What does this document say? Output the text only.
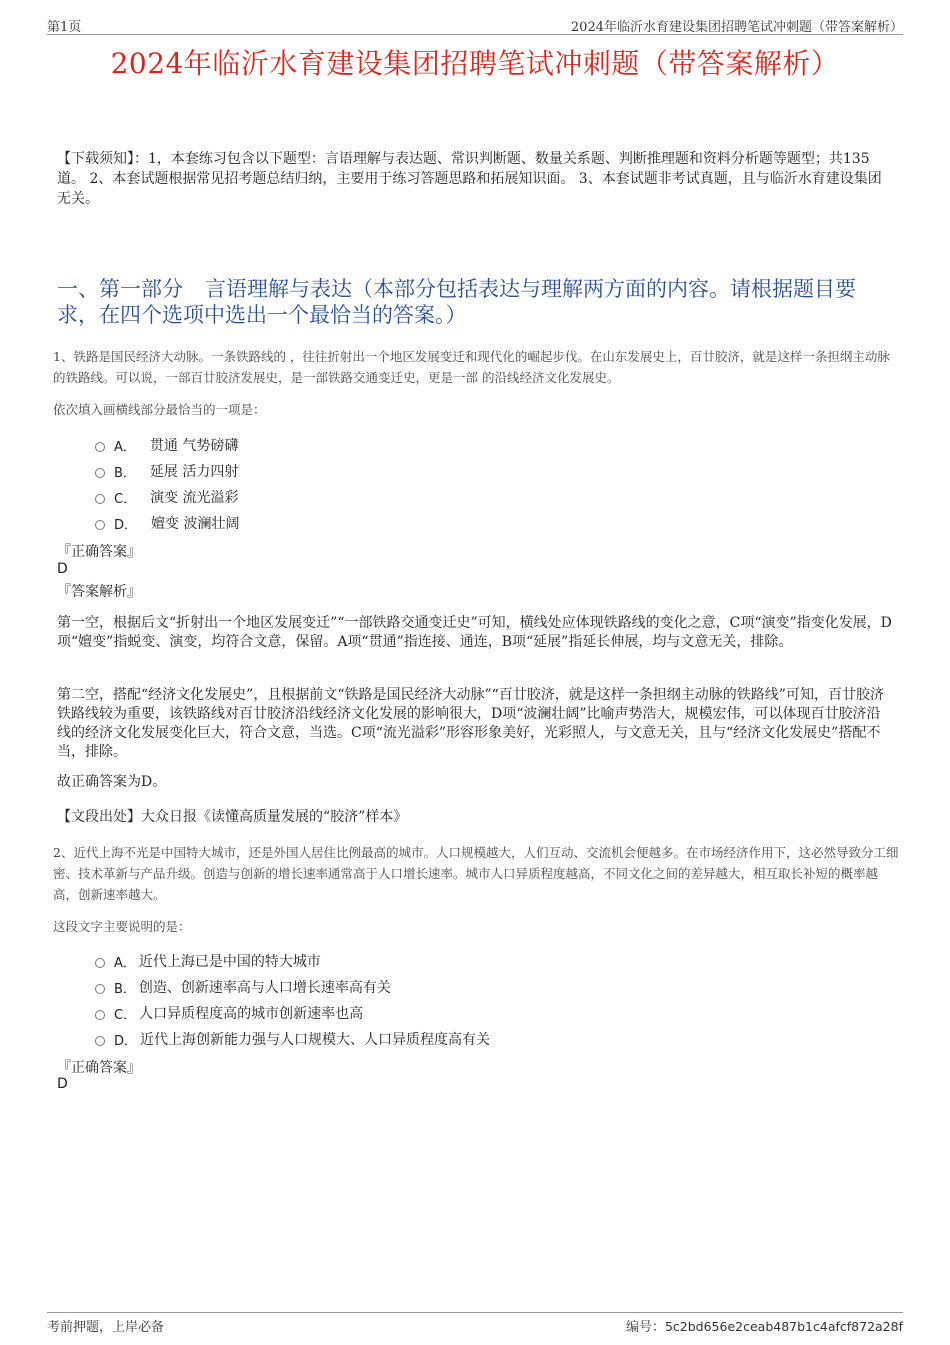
第1页	2024年临沂水育建设集团招聘笔试冲刺题（带答案解析）
2024年临沂水育建设集团招聘笔试冲刺题（带答案解析）
【下载须知】：1，本套练习包含以下题型：言语理解与表达题、常识判断题、数量关系题、判断推理题和资料分析题等题型；共135道。 2、本套试题根据常见招考题总结归纳，主要用于练习答题思路和拓展知识面。 3、本套试题非考试真题，且与临沂水育建设集团无关。
一、第一部分 言语理解与表达（本部分包括表达与理解两方面的内容。请根据题目要求，在四个选项中选出一个最恰当的答案。）
1、铁路是国民经济大动脉。一条铁路线的 ，往往折射出一个地区发展变迁和现代化的崛起步伐。在山东发展史上，百廿胶济，就是这样一条担纲主动脉的铁路线。可以说，一部百廿胶济发展史，是一部铁路交通变迁史，更是一部 的沿线经济文化发展史。
依次填入画横线部分最恰当的一项是：
A． 贯通 气势磅礴
B． 延展 活力四射
C． 演变 流光溢彩
D． 嬗变 波澜壮阔
『正确答案』
D
『答案解析』
第一空，根据后文“折射出一个地区发展变迁”“一部铁路交通变迁史”可知，横线处应体现铁路线的变化之意，C项“演变”指变化发展，D项“嬗变”指蜕变、演变，均符合文意，保留。A项“贯通”指连接、通连，B项“延展”指延长伸展，均与文意无关，排除。
第二空，搭配“经济文化发展史”，且根据前文“铁路是国民经济大动脉”“百廿胶济，就是这样一条担纲主动脉的铁路线”可知，百廿胶济铁路线较为重要，该铁路线对百廿胶济沿线经济文化发展的影响很大，D项“波澜壮阔”比喻声势浩大，规模宏伟，可以体现百廿胶济沿线的经济文化发展变化巨大，符合文意，当选。C项“流光溢彩”形容形象美好，光彩照人，与文意无关，且与“经济文化发展史”搭配不当，排除。
故正确答案为D。
【文段出处】大众日报《读懂高质量发展的“胶济”样本》
2、近代上海不光是中国特大城市，还是外国人居住比例最高的城市。人口规模越大，人们互动、交流机会便越多。在市场经济作用下，这必然导致分工细密、技术革新与产品升级。创造与创新的增长速率通常高于人口增长速率。城市人口异质程度越高，不同文化之间的差异越大，相互取长补短的概率越高，创新速率越大。
这段文字主要说明的是：
A． 近代上海已是中国的特大城市
B． 创造、创新速率高与人口增长速率高有关
C． 人口异质程度高的城市创新速率也高
D． 近代上海创新能力强与人口规模大、人口异质程度高有关
『正确答案』
D
考前押题，上岸必备	编号：5c2bd656e2ceab487b1c4afcf872a28f
